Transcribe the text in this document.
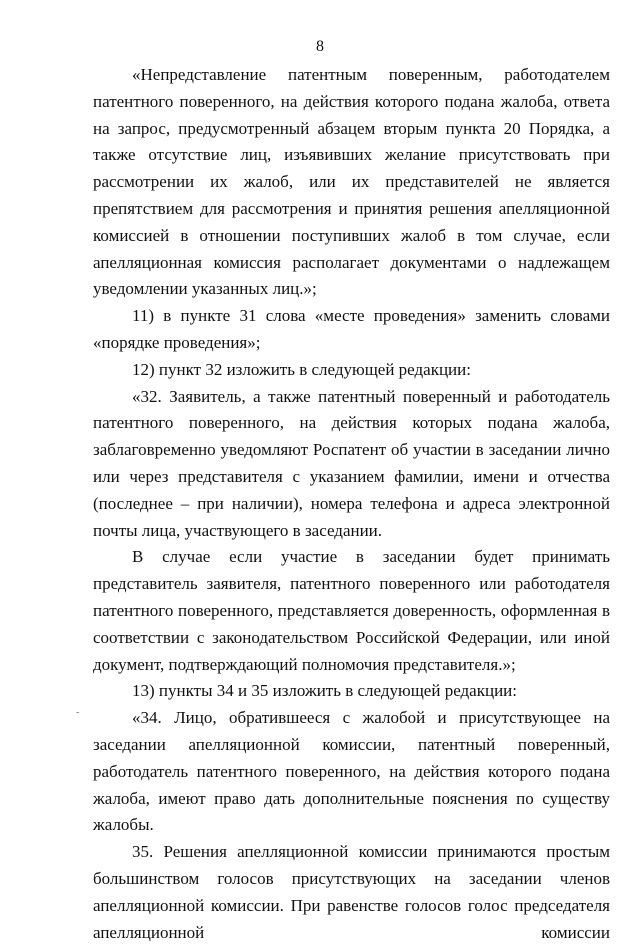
8

«Непредставление патентным поверенным, работодателем патентного поверенного, на действия которого подана жалоба, ответа на запрос, предусмотренный абзацем вторым пункта 20 Порядка, а также отсутствие лиц, изъявивших желание присутствовать при рассмотрении их жалоб, или их представителей не является препятствием для рассмотрения и принятия решения апелляционной комиссией в отношении поступивших жалоб в том случае, если апелляционная комиссия располагает документами о надлежащем уведомлении указанных лиц.»;

11) в пункте 31 слова «месте проведения» заменить словами «порядке проведения»;

12) пункт 32 изложить в следующей редакции:

«32. Заявитель, а также патентный поверенный и работодатель патентного поверенного, на действия которых подана жалоба, заблаговременно уведомляют Роспатент об участии в заседании лично или через представителя с указанием фамилии, имени и отчества (последнее – при наличии), номера телефона и адреса электронной почты лица, участвующего в заседании.

В случае если участие в заседании будет принимать представитель заявителя, патентного поверенного или работодателя патентного поверенного, представляется доверенность, оформленная в соответствии с законодательством Российской Федерации, или иной документ, подтверждающий полномочия представителя.»;

13) пункты 34 и 35 изложить в следующей редакции:

«34. Лицо, обратившееся с жалобой и присутствующее на заседании апелляционной комиссии, патентный поверенный, работодатель патентного поверенного, на действия которого подана жалоба, имеют право дать дополнительные пояснения по существу жалобы.

35. Решения апелляционной комиссии принимаются простым большинством голосов присутствующих на заседании членов апелляционной комиссии. При равенстве голосов голос председателя апелляционной комиссии

-
